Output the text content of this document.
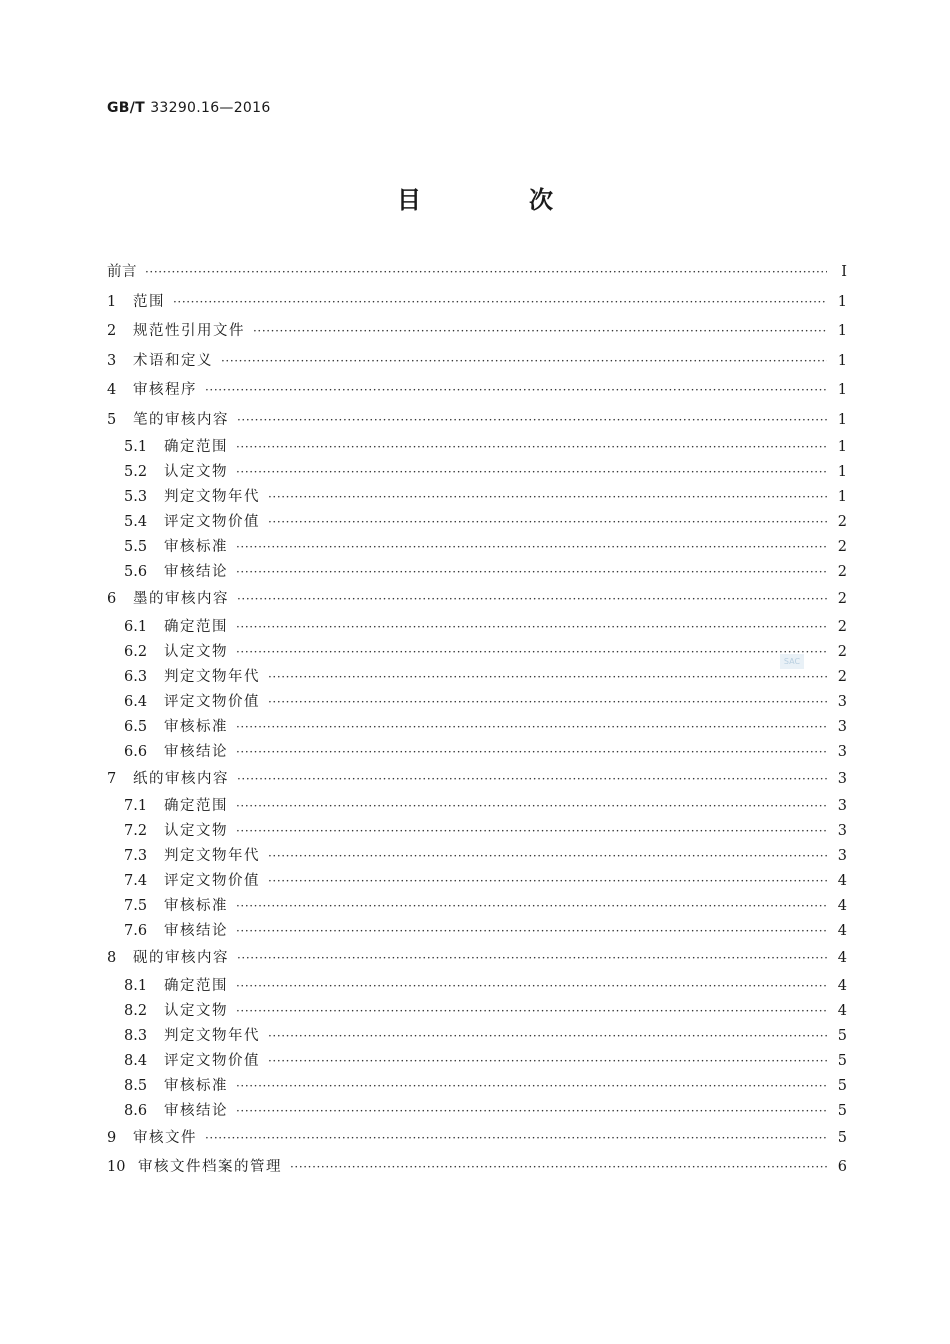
GB/T 33290.16—2016
目　次
前言 ·····	Ⅰ
1	范围 ·····	1
2	规范性引用文件 ·····	1
3	术语和定义 ·····	1
4	审核程序 ·····	1
5	笔的审核内容 ·····	1
5.1	确定范围 ·····	1
5.2	认定文物 ·····	1
5.3	判定文物年代 ·····	1
5.4	评定文物价值 ·····	2
5.5	审核标准 ·····	2
5.6	审核结论 ·····	2
6	墨的审核内容 ·····	2
6.1	确定范围 ·····	2
6.2	认定文物 ·····	2
6.3	判定文物年代 ·····	2
6.4	评定文物价值 ·····	3
6.5	审核标准 ·····	3
6.6	审核结论 ·····	3
7	纸的审核内容 ·····	3
7.1	确定范围 ·····	3
7.2	认定文物 ·····	3
7.3	判定文物年代 ·····	3
7.4	评定文物价值 ·····	4
7.5	审核标准 ·····	4
7.6	审核结论 ·····	4
8	砚的审核内容 ·····	4
8.1	确定范围 ·····	4
8.2	认定文物 ·····	4
8.3	判定文物年代 ·····	5
8.4	评定文物价值 ·····	5
8.5	审核标准 ·····	5
8.6	审核结论 ·····	5
9	审核文件 ·····	5
10 审核文件档案的管理 ·····	6
SAC
